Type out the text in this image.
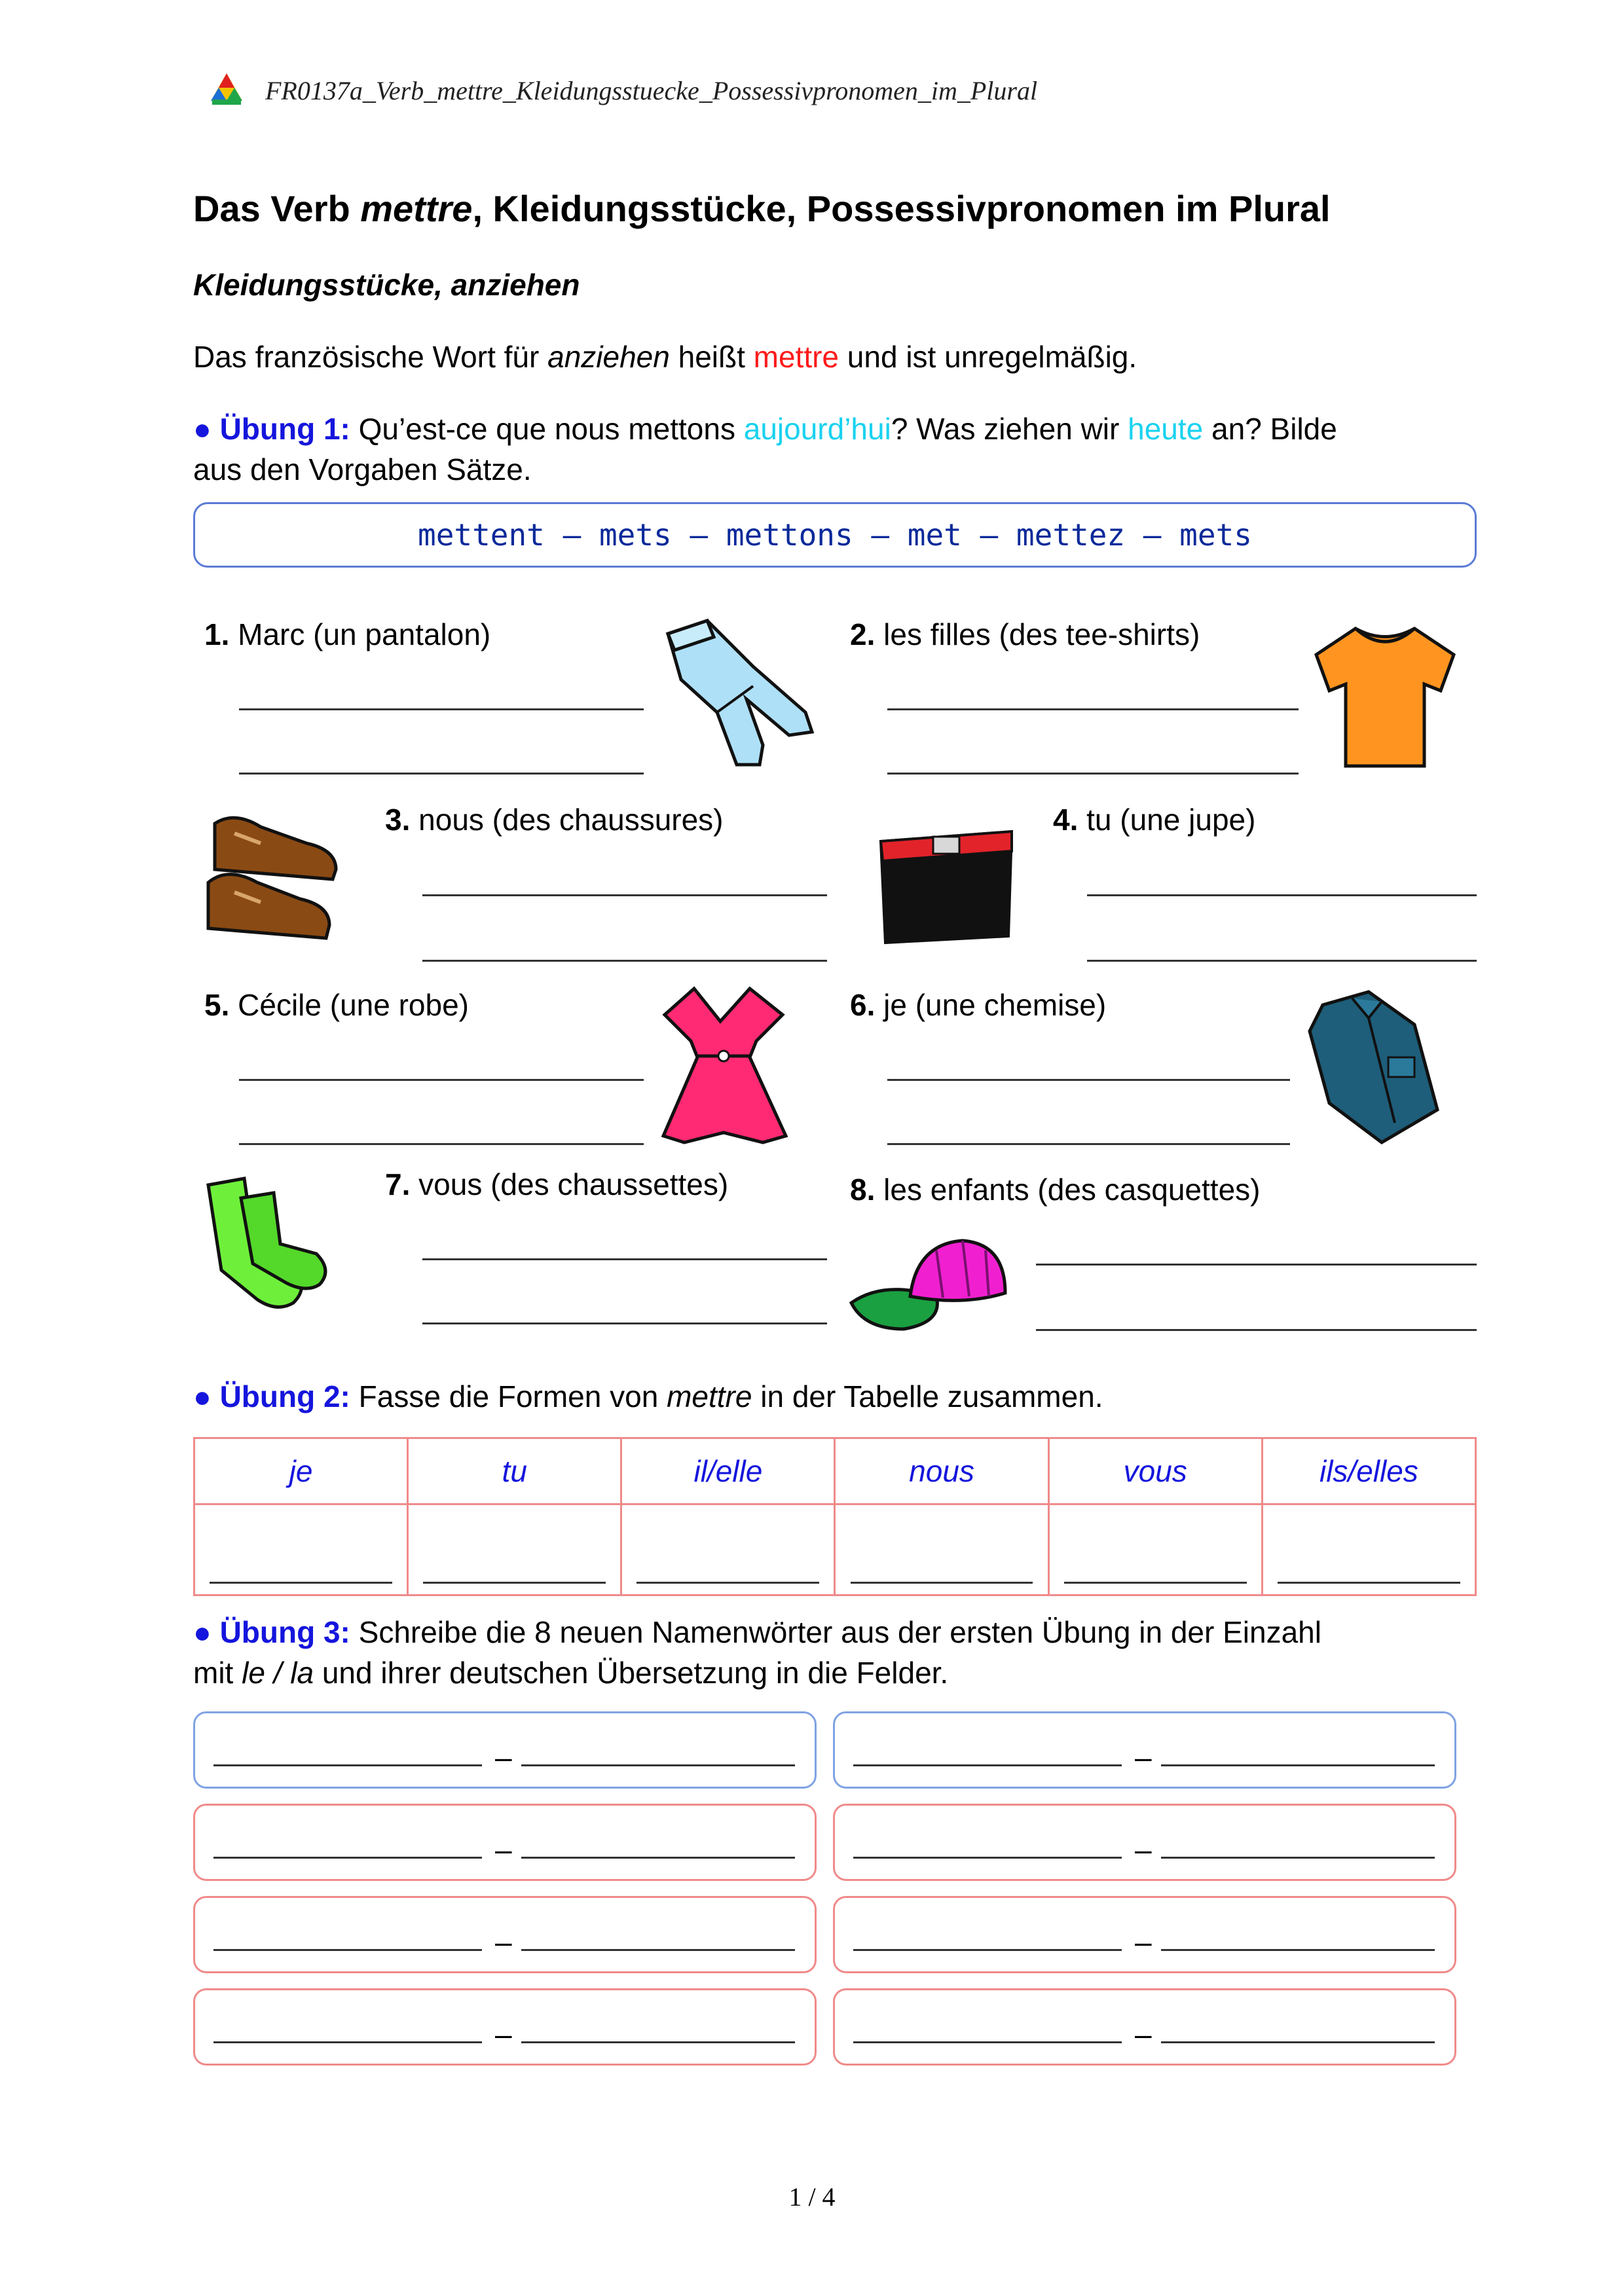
FR0137a_Verb_mettre_Kleidungsstuecke_Possessivpronomen_im_Plural
Das Verb mettre, Kleidungsstücke, Possessivpronomen im Plural
Kleidungsstücke, anziehen
Das französische Wort für anziehen heißt mettre und ist unregelmäßig.
● Übung 1: Qu’est-ce que nous mettons aujourd’hui? Was ziehen wir heute an? Bilde
aus den Vorgaben Sätze.
mettent – mets – mettons – met – mettez – mets
1. Marc (un pantalon)	2. les filles (des tee-shirts)
3. nous (des chaussures)	4. tu (une jupe)
5. Cécile (une robe)	6. je (une chemise)
7. vous (des chaussettes)	8. les enfants (des casquettes)
● Übung 2: Fasse die Formen von mettre in der Tabelle zusammen.
je	tu	il/elle	nous	vous	ils/elles

● Übung 3: Schreibe die 8 neuen Namenwörter aus der ersten Übung in der Einzahl
mit le / la und ihrer deutschen Übersetzung in die Felder.
–	–
–	–
–	–
–	–
1 / 4
